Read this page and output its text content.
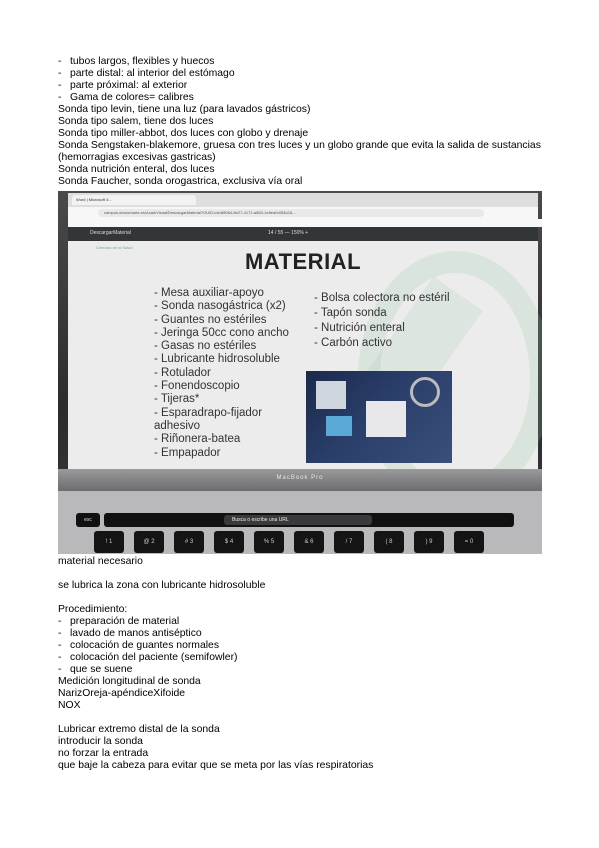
- tubos largos, flexibles y huecos
- parte distal: al interior del estómago
- parte próximal: al exterior
- Gama de colores= calibres
Sonda tipo levin, tiene una luz (para lavados gástricos)
Sonda tipo salem, tiene dos luces
Sonda tipo miller-abbot, dos luces con globo y drenaje
Sonda Sengstaken-blakemore, gruesa con tres luces y un globo grande que evita la salida de sustancias (hemorragias excesivas gastricas)
Sonda nutrición enteral, dos luces
Sonda Faucher, sonda orogastrica, exclusiva vía oral
Word | Microsoft 3...
campus.ubroomarte.es/Acad/Visual/DescargarMaterial?OUID=de4f8064-8e27-4171-a583-1e8ea0d3f3d2&...
DescargarMaterial	14 / 55 — 150% +
Ciencias de la Salud
MATERIAL
- Mesa auxiliar-apoyo
- Sonda nasogástrica (x2)
- Guantes no estériles
- Jeringa 50cc cono ancho
- Gasas no estériles
- Lubricante hidrosoluble
- Rotulador
- Fonendoscopio
- Tijeras*
- Esparadrapo-fijador
adhesivo
- Riñonera-batea
- Empapador
- Bolsa colectora no estéril
- Tapón sonda
- Nutrición enteral
- Carbón activo
MacBook Pro
esc	Busca o escribe una URL
! 1	@ 2	# 3	$ 4	% 5	& 6	/ 7	( 8	) 9	= 0
material necesario
se lubrica la zona con lubricante hidrosoluble
Procedimiento:
- preparación de material
- lavado de manos antiséptico
- colocación de guantes normales
- colocación del paciente (semifowler)
- que se suene
Medición longitudinal de sonda
NarizOreja-apéndiceXifoide
NOX
Lubricar extremo distal de la sonda
introducir la sonda
no forzar la entrada
que baje la cabeza para evitar que se meta por las vías respiratorias
